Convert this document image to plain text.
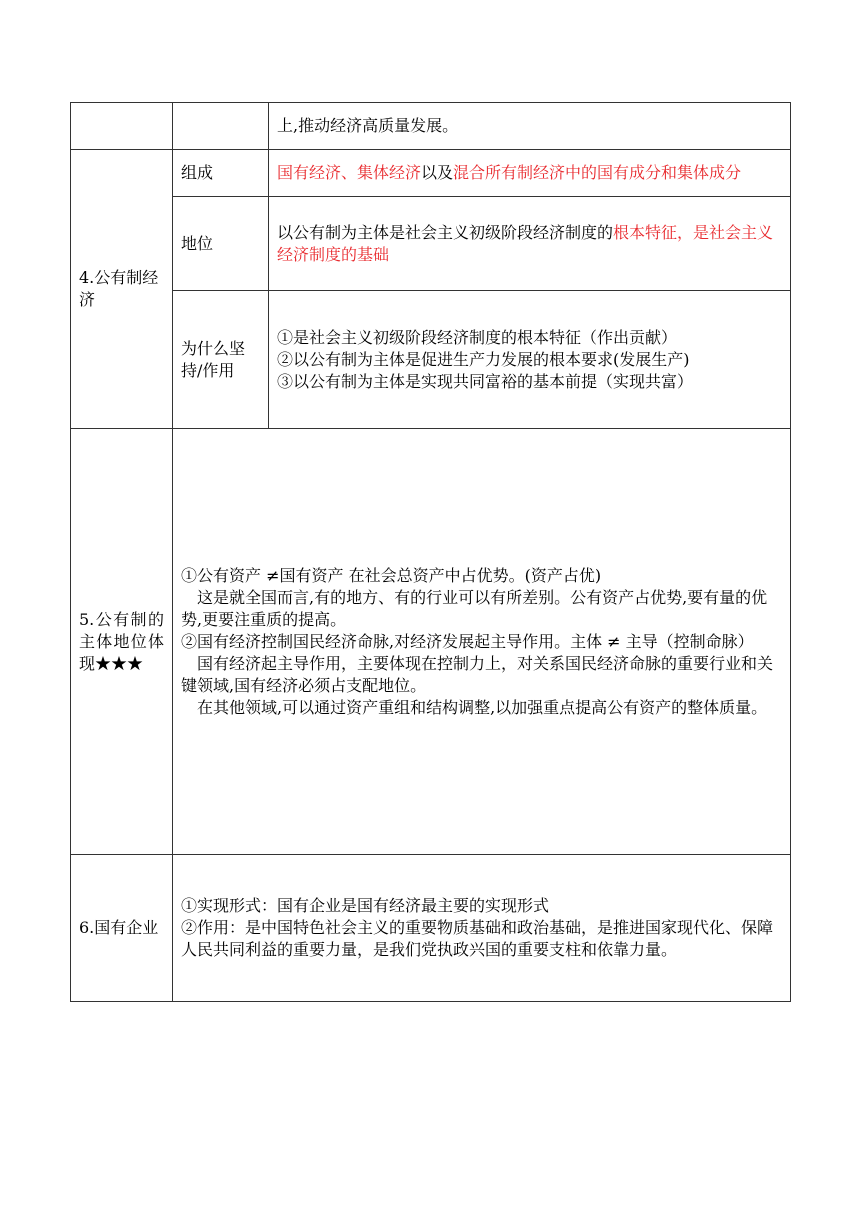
		上,推动经济高质量发展。
4.公有制经济	组成	国有经济、集体经济以及混合所有制经济中的国有成分和集体成分
	地位	以公有制为主体是社会主义初级阶段经济制度的根本特征，是社会主义经济制度的基础
	为什么坚持/作用	①是社会主义初级阶段经济制度的根本特征（作出贡献）
②以公有制为主体是促进生产力发展的根本要求(发展生产)
③以公有制为主体是实现共同富裕的基本前提（实现共富）

5.公有制的主体地位体现★★★	①公有资产 ≠国有资产 在社会总资产中占优势。(资产占优)
这是就全国而言,有的地方、有的行业可以有所差别。公有资产占优势,要有量的优势,更要注重质的提高。
②国有经济控制国民经济命脉,对经济发展起主导作用。主体 ≠ 主导（控制命脉）
国有经济起主导作用，主要体现在控制力上，对关系国民经济命脉的重要行业和关键领域,国有经济必须占支配地位。
在其他领域,可以通过资产重组和结构调整,以加强重点提高公有资产的整体质量。	

6.国有企业	①实现形式：国有企业是国有经济最主要的实现形式
②作用：是中国特色社会主义的重要物质基础和政治基础，是推进国家现代化、保障人民共同利益的重要力量，是我们党执政兴国的重要支柱和依靠力量。	
